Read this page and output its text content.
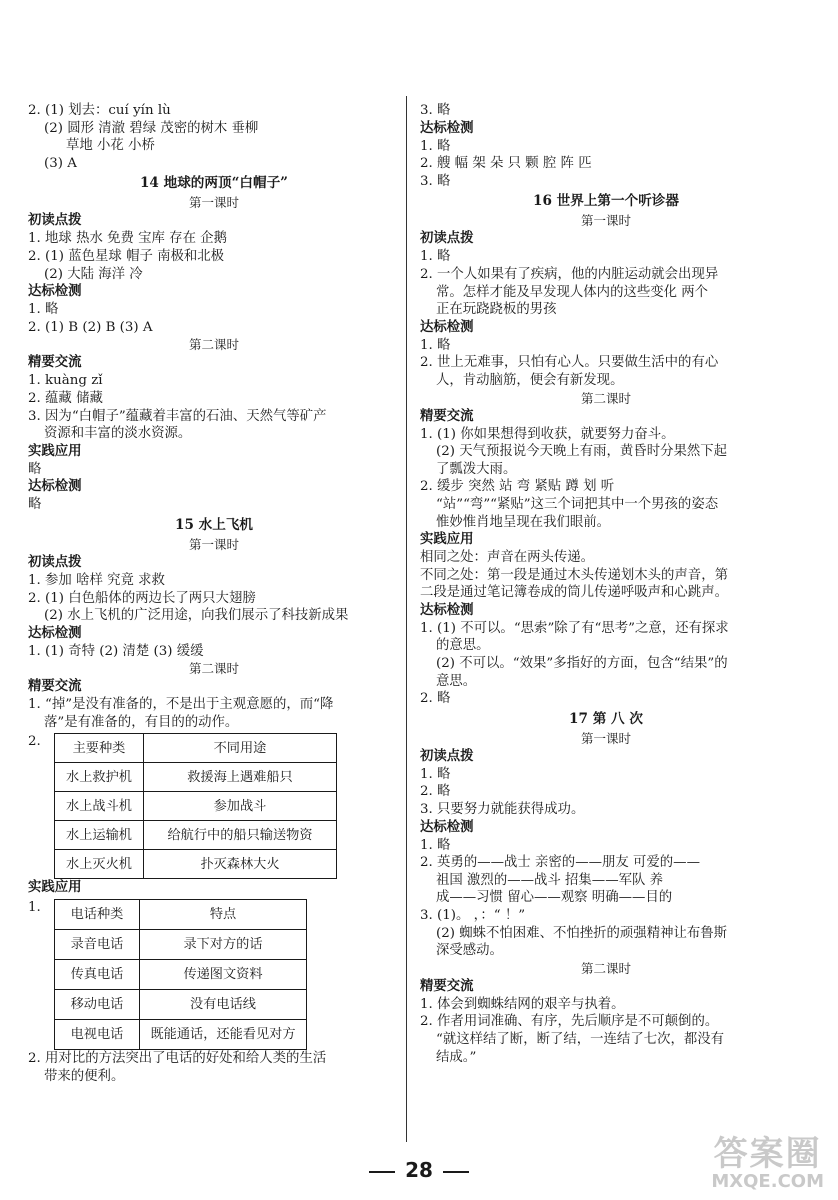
2. (1) 划去：cuí yín lù
(2) 圆形 清澈 碧绿 茂密的树木 垂柳
草地 小花 小桥
(3) A
14 地球的两顶“白帽子”
第一课时
初读点拨
1. 地球 热水 免费 宝库 存在 企鹅
2. (1) 蓝色星球 帽子 南极和北极
(2) 大陆 海洋 冷
达标检测
1. 略
2. (1) B (2) B (3) A
第二课时
精要交流
1. kuàng zǐ
2. 蕴藏 储藏
3. 因为“白帽子”蕴藏着丰富的石油、天然气等矿产
资源和丰富的淡水资源。
实践应用
略
达标检测
略
15 水上飞机
第一课时
初读点拨
1. 参加 啥样 究竟 求救
2. (1) 白色船体的两边长了两只大翅膀
(2) 水上飞机的广泛用途，向我们展示了科技新成果
达标检测
1. (1) 奇特 (2) 清楚 (3) 缓缓
第二课时
精要交流
1. “掉”是没有准备的，不是出于主观意愿的，而“降
落”是有准备的，有目的的动作。
2. 主要种类	不同用途
水上救护机	救援海上遇难船只
水上战斗机	参加战斗
水上运输机	给航行中的船只输送物资
水上灭火机	扑灭森林大火
实践应用
1. 电话种类	特点
录音电话	录下对方的话
传真电话	传递图文资料
移动电话	没有电话线
电视电话	既能通话，还能看见对方
2. 用对比的方法突出了电话的好处和给人类的生活
带来的便利。
3. 略
达标检测
1. 略
2. 艘 幅 架 朵 只 颗 腔 阵 匹
3. 略
16 世界上第一个听诊器
第一课时
初读点拨
1. 略
2. 一个人如果有了疾病，他的内脏运动就会出现异
常。怎样才能及早发现人体内的这些变化 两个
正在玩跷跷板的男孩
达标检测
1. 略
2. 世上无难事，只怕有心人。只要做生活中的有心
人，肯动脑筋，便会有新发现。
第二课时
精要交流
1. (1) 你如果想得到收获，就要努力奋斗。
(2) 天气预报说今天晚上有雨，黄昏时分果然下起
了瓢泼大雨。
2. 缓步 突然 站 弯 紧贴 蹲 划 听
“站”“弯”“紧贴”这三个词把其中一个男孩的姿态
惟妙惟肖地呈现在我们眼前。
实践应用
相同之处：声音在两头传递。
不同之处：第一段是通过木头传递划木头的声音，第
二段是通过笔记簿卷成的筒儿传递呼吸声和心跳声。
达标检测
1. (1) 不可以。“思索”除了有“思考”之意，还有探求
的意思。
(2) 不可以。“效果”多指好的方面，包含“结果”的
意思。
2. 略
17 第 八 次
第一课时
初读点拨
1. 略
2. 略
3. 只要努力就能获得成功。
达标检测
1. 略
2. 英勇的——战士 亲密的——朋友 可爱的——
祖国 激烈的——战斗 招集——军队 养
成——习惯 留心——观察 明确——目的
3. (1)。 ，：“ ！”
(2) 蜘蛛不怕困难、不怕挫折的顽强精神让布鲁斯
深受感动。
第二课时
精要交流
1. 体会到蜘蛛结网的艰辛与执着。
2. 作者用词准确、有序，先后顺序是不可颠倒的。
“就这样结了断，断了结，一连结了七次，都没有
结成。”
28	答案圈
MXQE.COM
